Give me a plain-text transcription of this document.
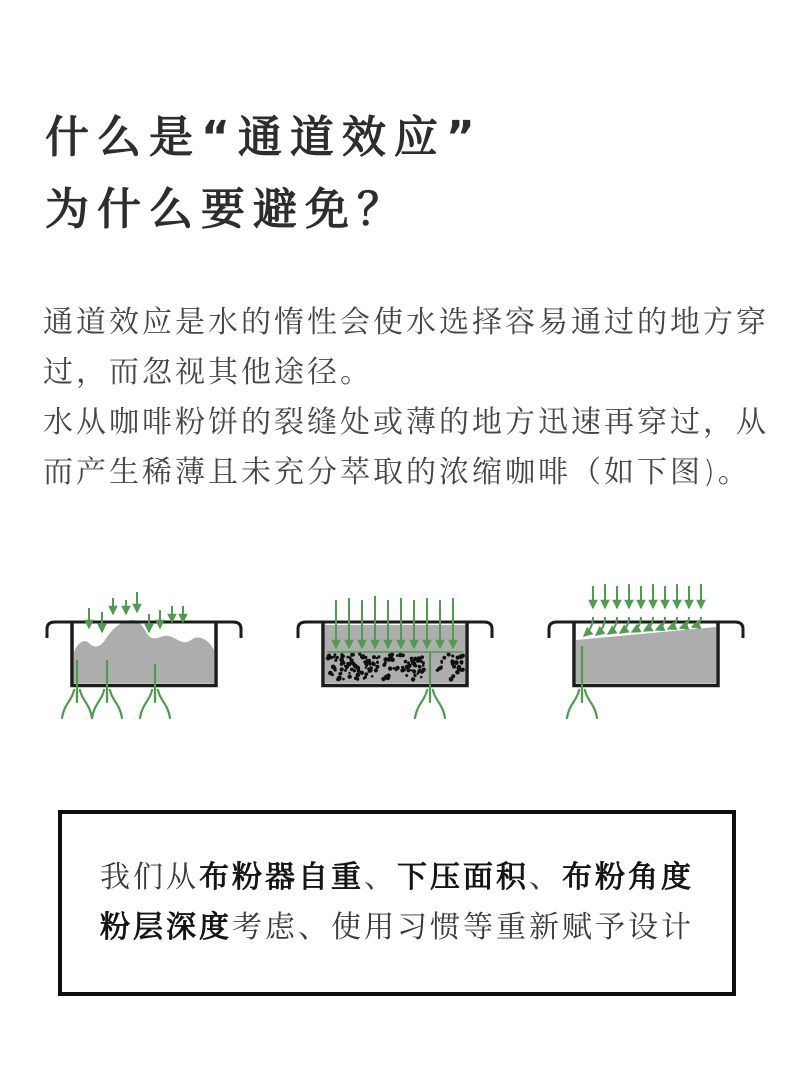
什么是“通道效应”
为什么要避免？
通道效应是水的惰性会使水选择容易通过的地方穿
过，而忽视其他途径。
水从咖啡粉饼的裂缝处或薄的地方迅速再穿过，从
而产生稀薄且未充分萃取的浓缩咖啡（如下图)。
我们从布粉器自重、下压面积、布粉角度
粉层深度考虑、使用习惯等重新赋予设计
